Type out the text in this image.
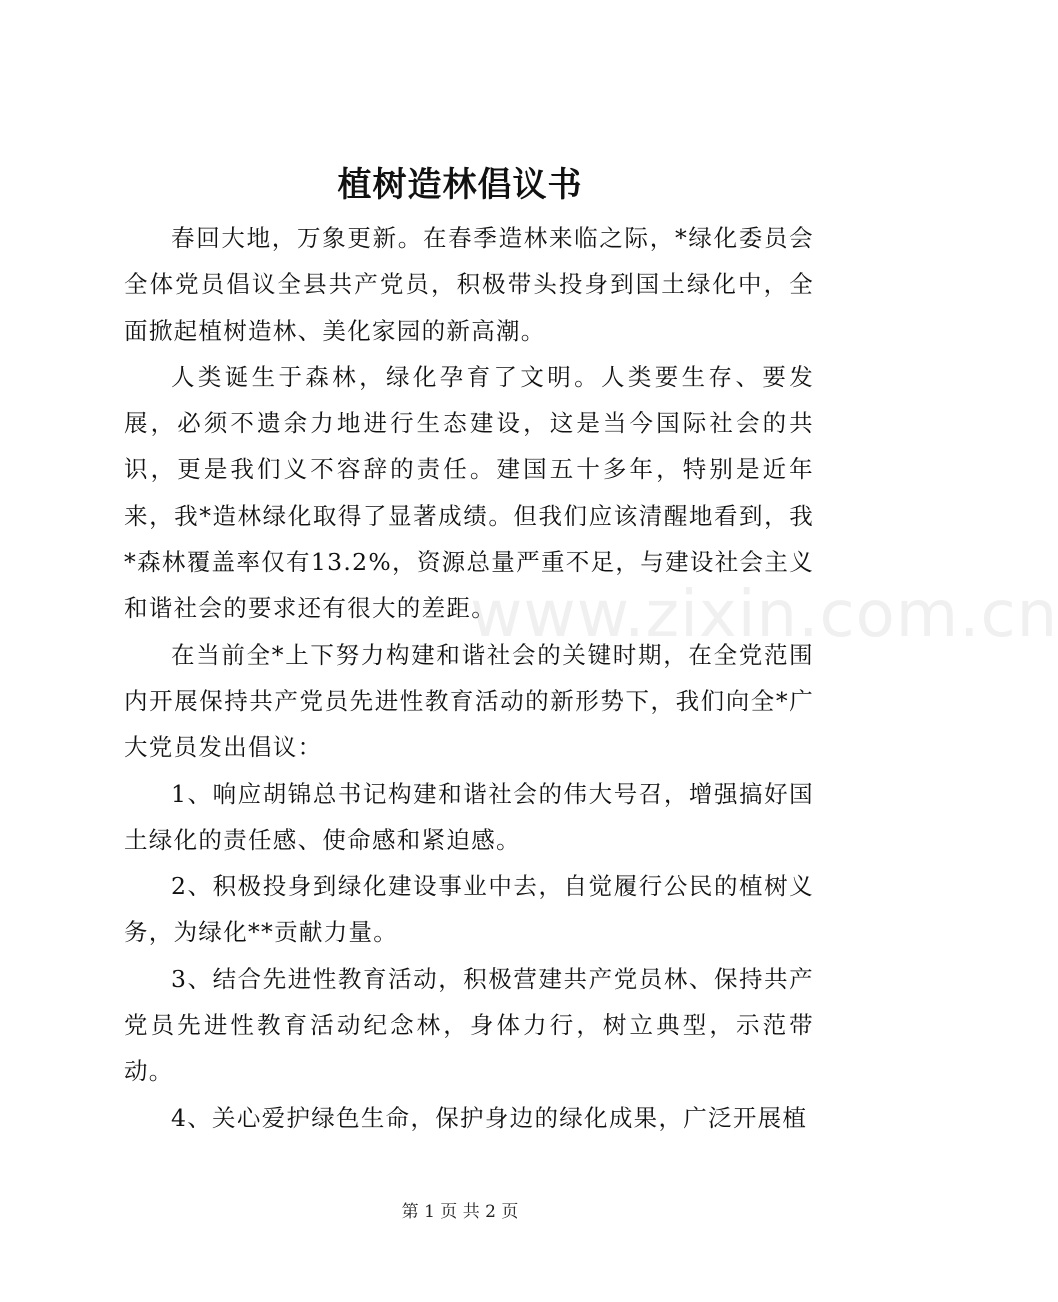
植树造林倡议书

春回大地，万象更新。在春季造林来临之际，*绿化委员会全体党员倡议全县共产党员，积极带头投身到国土绿化中，全面掀起植树造林、美化家园的新高潮。

人类诞生于森林，绿化孕育了文明。人类要生存、要发展，必须不遗余力地进行生态建设，这是当今国际社会的共识，更是我们义不容辞的责任。建国五十多年，特别是近年来，我*造林绿化取得了显著成绩。但我们应该清醒地看到，我*森林覆盖率仅有13.2%，资源总量严重不足，与建设社会主义和谐社会的要求还有很大的差距。

在当前全*上下努力构建和谐社会的关键时期，在全党范围内开展保持共产党员先进性教育活动的新形势下，我们向全*广大党员发出倡议：

1、响应胡锦总书记构建和谐社会的伟大号召，增强搞好国土绿化的责任感、使命感和紧迫感。

2、积极投身到绿化建设事业中去，自觉履行公民的植树义务，为绿化**贡献力量。

3、结合先进性教育活动，积极营建共产党员林、保持共产党员先进性教育活动纪念林，身体力行，树立典型，示范带动。

4、关心爱护绿色生命，保护身边的绿化成果，广泛开展植

www.zixin.com.cn
第 1 页 共 2 页
